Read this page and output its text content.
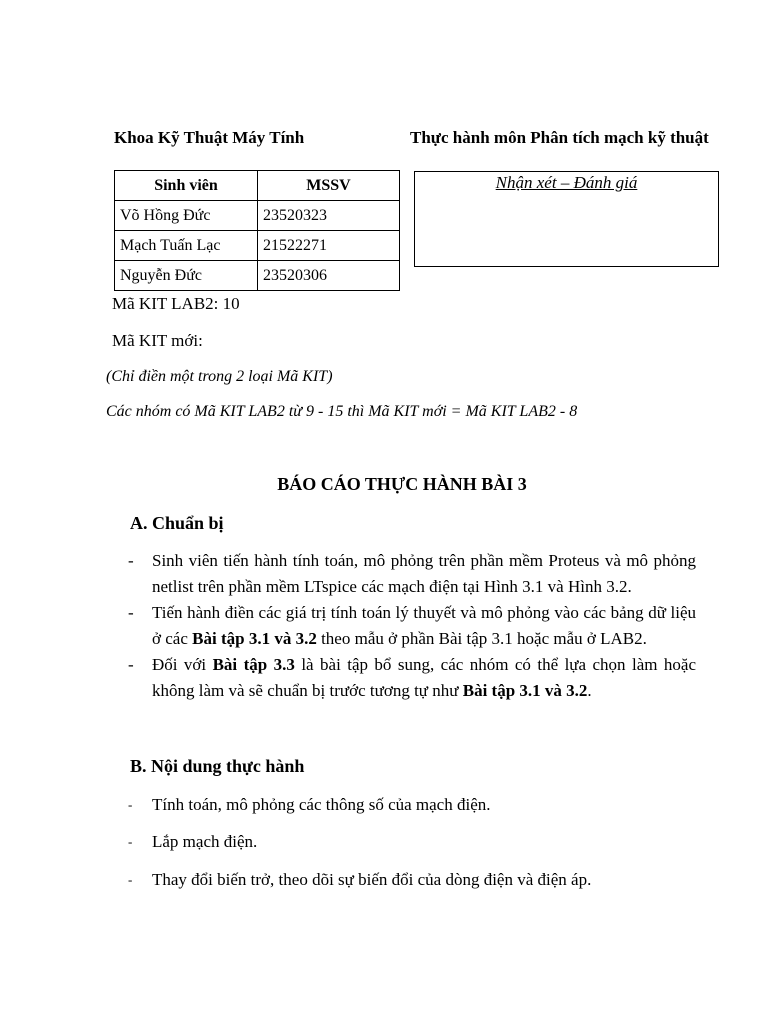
Khoa Kỹ Thuật Máy Tính	Thực hành môn Phân tích mạch kỹ thuật
Sinh viên	MSSV
Võ Hồng Đức	23520323
Mạch Tuấn Lạc	21522271
Nguyễn Đức	23520306
Nhận xét – Đánh giá
Mã KIT LAB2: 10
Mã KIT mới:
(Chỉ điền một trong 2 loại Mã KIT)
Các nhóm có Mã KIT LAB2 từ 9 - 15 thì Mã KIT mới = Mã KIT LAB2 - 8
BÁO CÁO THỰC HÀNH BÀI 3
A. Chuẩn bị
- Sinh viên tiến hành tính toán, mô phỏng trên phần mềm Proteus và mô phỏng netlist trên phần mềm LTspice các mạch điện tại Hình 3.1 và Hình 3.2.
- Tiến hành điền các giá trị tính toán lý thuyết và mô phỏng vào các bảng dữ liệu ở các Bài tập 3.1 và 3.2 theo mẫu ở phần Bài tập 3.1 hoặc mẫu ở LAB2.
- Đối với Bài tập 3.3 là bài tập bổ sung, các nhóm có thể lựa chọn làm hoặc không làm và sẽ chuẩn bị trước tương tự như Bài tập 3.1 và 3.2.
B. Nội dung thực hành
- Tính toán, mô phỏng các thông số của mạch điện.
- Lắp mạch điện.
- Thay đổi biến trở, theo dõi sự biến đổi của dòng điện và điện áp.
